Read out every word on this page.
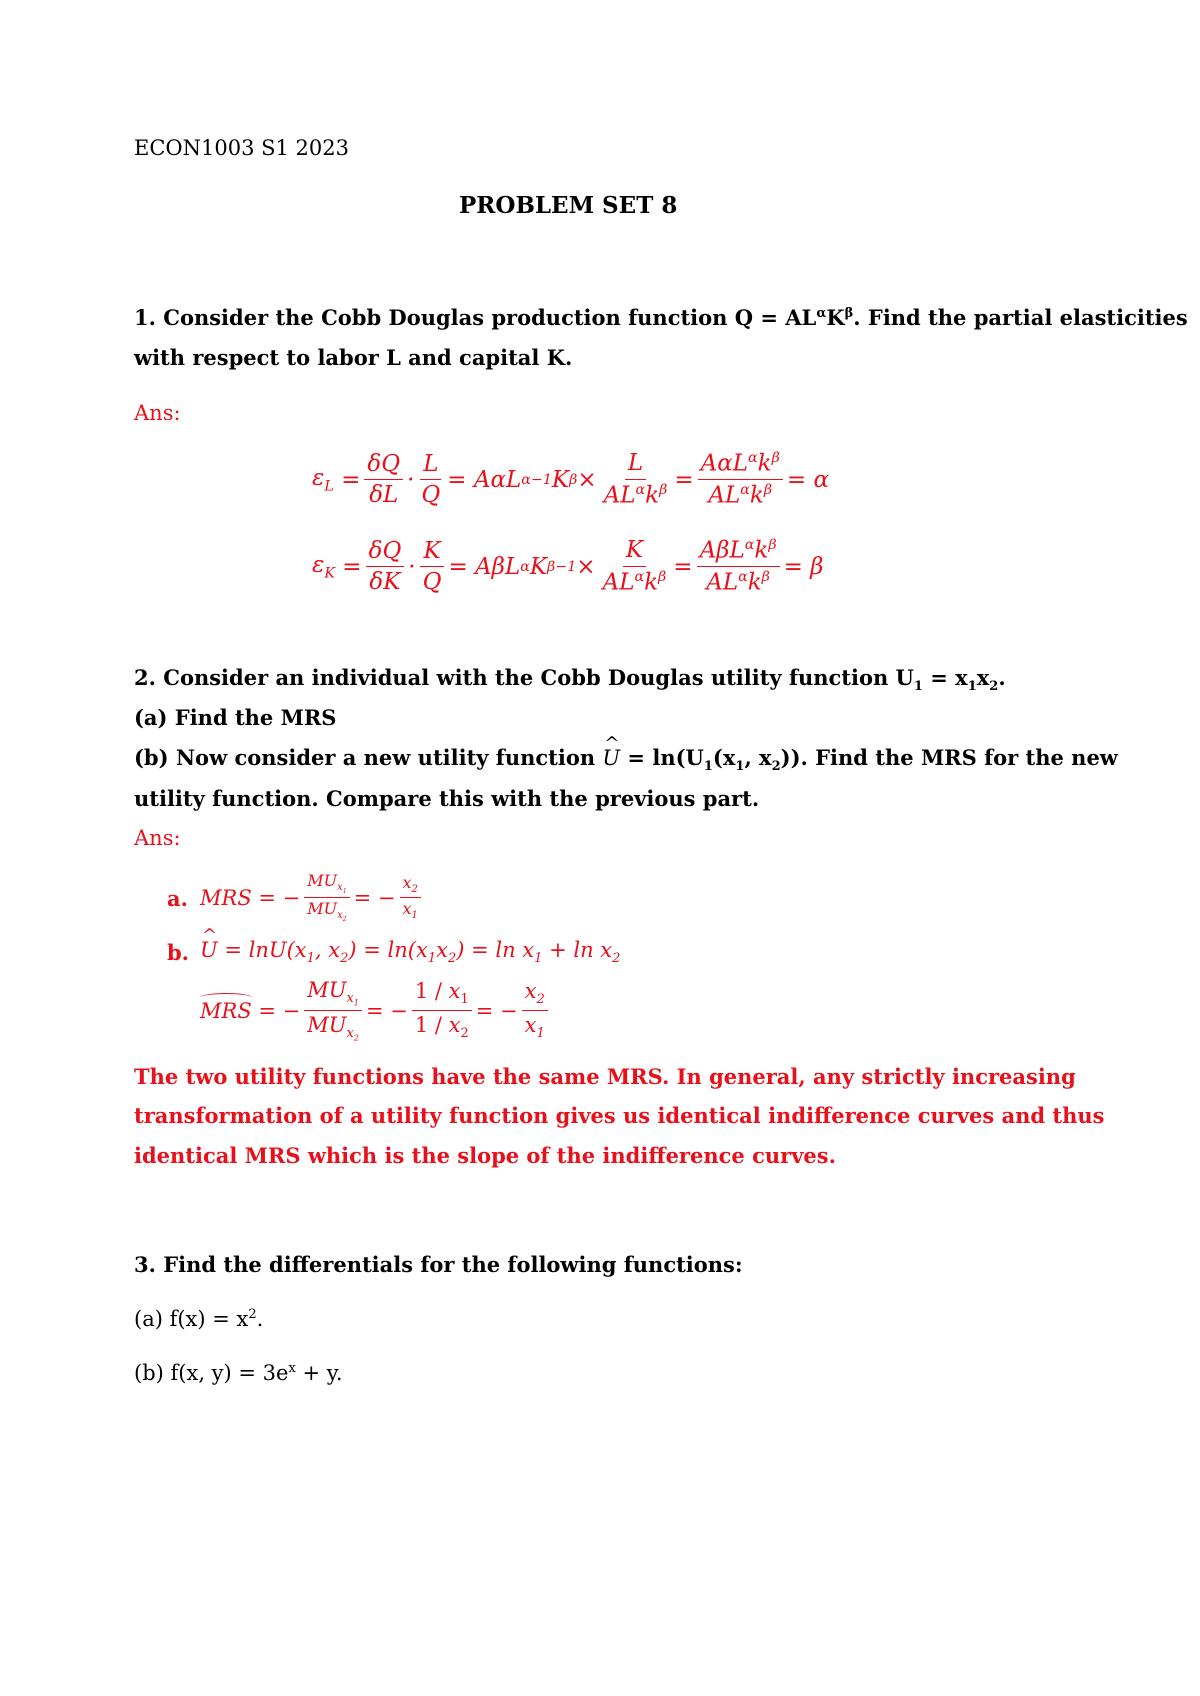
ECON1003 S1 2023
PROBLEM SET 8
1. Consider the Cobb Douglas production function $Q = AL^\alpha K^\beta$. Find the partial elasticities
with respect to labor L and capital K.
Ans:
$\varepsilon_L = \frac{\delta Q}{\delta L} \cdot \frac{L}{Q} = A\alpha L$ α−1 K $\beta \times \frac{L}{AL^\alpha k^\beta} = \frac{A\alpha L^\alpha k^\beta}{AL^\alpha k^\beta} = \alpha$
$\varepsilon_K = \frac{\delta Q}{\delta K} \cdot \frac{K}{Q} = A\beta L$ α K $\beta-1 \times \frac{K}{AL^\alpha k^\beta} = \frac{A\beta L^\alpha k^\beta}{AL^\alpha k^\beta} = \beta$
2. Consider an individual with the Cobb Douglas utility function $U_1 = x_1x_2$.
(a) Find the MRS
(b) Now consider a new utility function ^ $U = \ln(U_1(x_1$, $x_2$)). Find the MRS for the new
utility function. Compare this with the previous part.
Ans:
a. MRS = − $\frac{MU_{x_1}}{MU_{x_2}}$ = − $\frac{x_2}{x_1}$
b.
^ $U = \ln U(x_1$, $x_2) = \ln(x_1x_2) = \ln x_1 + \ln x_2$
MRS = − $\frac{MU_{x_1}}{MU_{x_2}}$ = − $\frac{1 / x_1}{1 / x_2}$ = − $\frac{x_2}{x_1}$
The two utility functions have the same MRS. In general, any strictly increasing
transformation of a utility function gives us identical indifference curves and thus
identical MRS which is the slope of the indifference curves.
3. Find the differentials for the following functions:
(a) $f(x) = x^2$.
(b) f(x, $y) = 3e^x + y$.
